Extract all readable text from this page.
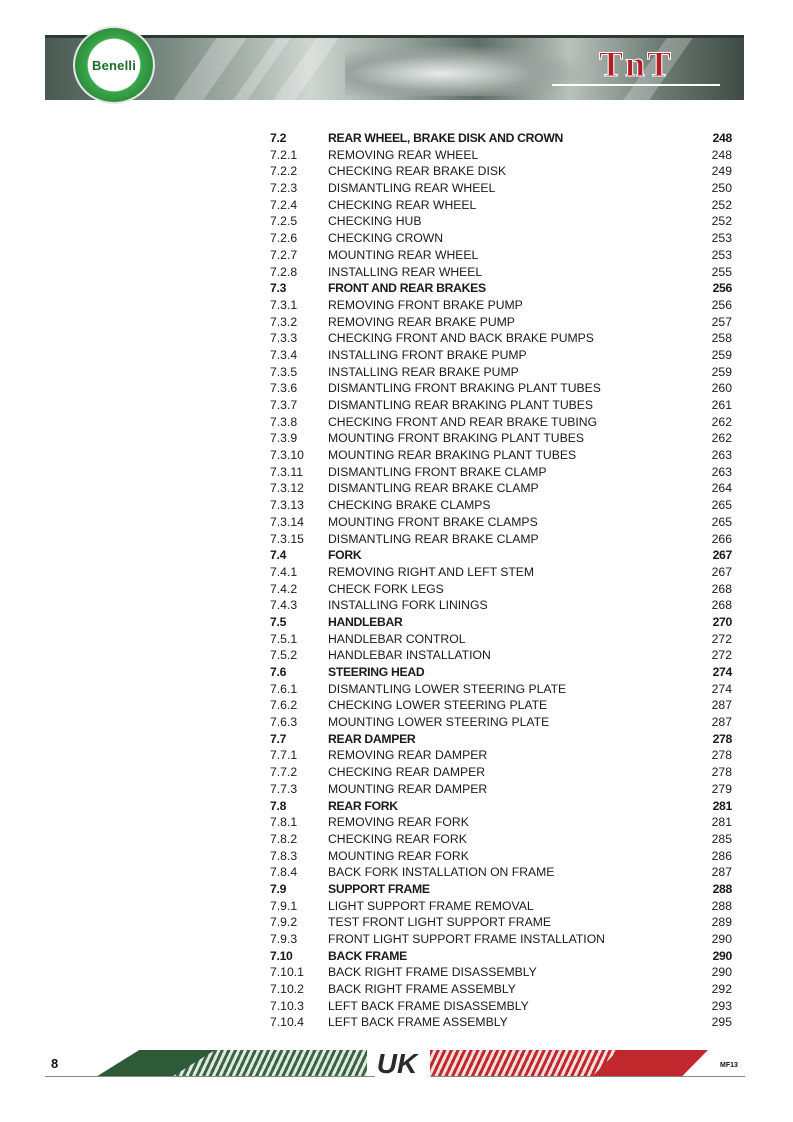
Benelli	TnT
7.2	REAR WHEEL, BRAKE DISK AND CROWN	248
7.2.1	REMOVING REAR WHEEL	248
7.2.2	CHECKING REAR BRAKE DISK	249
7.2.3	DISMANTLING REAR WHEEL	250
7.2.4	CHECKING REAR WHEEL	252
7.2.5	CHECKING HUB	252
7.2.6	CHECKING CROWN	253
7.2.7	MOUNTING REAR WHEEL	253
7.2.8	INSTALLING REAR WHEEL	255
7.3	FRONT AND REAR BRAKES	256
7.3.1	REMOVING FRONT BRAKE PUMP	256
7.3.2	REMOVING REAR BRAKE PUMP	257
7.3.3	CHECKING FRONT AND BACK BRAKE PUMPS	258
7.3.4	INSTALLING FRONT BRAKE PUMP	259
7.3.5	INSTALLING REAR BRAKE PUMP	259
7.3.6	DISMANTLING FRONT BRAKING PLANT TUBES	260
7.3.7	DISMANTLING REAR BRAKING PLANT TUBES	261
7.3.8	CHECKING FRONT AND REAR BRAKE TUBING	262
7.3.9	MOUNTING FRONT BRAKING PLANT TUBES	262
7.3.10 MOUNTING REAR BRAKING PLANT TUBES	263
7.3.11 DISMANTLING FRONT BRAKE CLAMP	263
7.3.12 DISMANTLING REAR BRAKE CLAMP	264
7.3.13 CHECKING BRAKE CLAMPS	265
7.3.14 MOUNTING FRONT BRAKE CLAMPS	265
7.3.15 DISMANTLING REAR BRAKE CLAMP	266
7.4	FORK	267
7.4.1	REMOVING RIGHT AND LEFT STEM	267
7.4.2	CHECK FORK LEGS	268
7.4.3	INSTALLING FORK LININGS	268
7.5	HANDLEBAR	270
7.5.1	HANDLEBAR CONTROL	272
7.5.2	HANDLEBAR INSTALLATION	272
7.6	STEERING HEAD	274
7.6.1	DISMANTLING LOWER STEERING PLATE	274
7.6.2	CHECKING LOWER STEERING PLATE	287
7.6.3	MOUNTING LOWER STEERING PLATE	287
7.7	REAR DAMPER	278
7.7.1	REMOVING REAR DAMPER	278
7.7.2	CHECKING REAR DAMPER	278
7.7.3	MOUNTING REAR DAMPER	279
7.8	REAR FORK	281
7.8.1	REMOVING REAR FORK	281
7.8.2	CHECKING REAR FORK	285
7.8.3	MOUNTING REAR FORK	286
7.8.4	BACK FORK INSTALLATION ON FRAME	287
7.9	SUPPORT FRAME	288
7.9.1	LIGHT SUPPORT FRAME REMOVAL	288
7.9.2	TEST FRONT LIGHT SUPPORT FRAME	289
7.9.3	FRONT LIGHT SUPPORT FRAME INSTALLATION	290
7.10	BACK FRAME	290
7.10.1 BACK RIGHT FRAME DISASSEMBLY	290
7.10.2 BACK RIGHT FRAME ASSEMBLY	292
7.10.3 LEFT BACK FRAME DISASSEMBLY	293
7.10.4 LEFT BACK FRAME ASSEMBLY	295
8	UK	MF13
